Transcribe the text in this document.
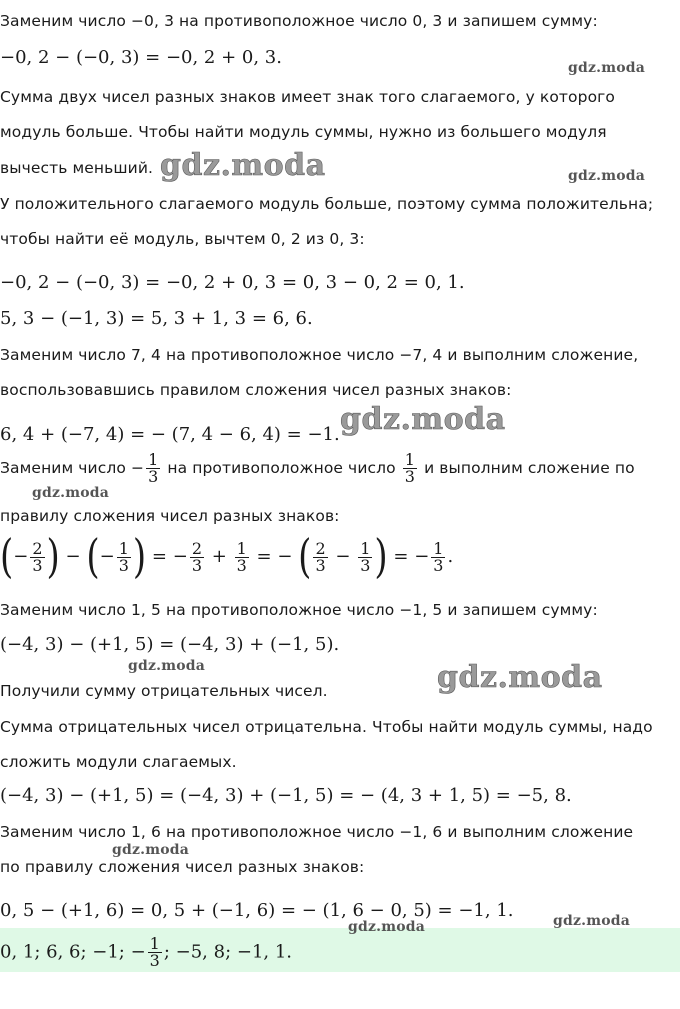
Заменим число −0, 3 на противоположное число 0, 3 и запишем сумму:
−0, 2 − (−0, 3) = −0, 2 + 0, 3.
Сумма двух чисел разных знаков имеет знак того слагаемого, у которого
модуль больше. Чтобы найти модуль суммы, нужно из большего модуля
вычесть меньший.
У положительного слагаемого модуль больше, поэтому сумма положительна;
чтобы найти её модуль, вычтем 0, 2 из 0, 3:
−0, 2 − (−0, 3) = −0, 2 + 0, 3 = 0, 3 − 0, 2 = 0, 1.
5, 3 − (−1, 3) = 5, 3 + 1, 3 = 6, 6.
Заменим число 7, 4 на противоположное число −7, 4 и выполним сложение,
воспользовавшись правилом сложения чисел разных знаков:
6, 4 + (−7, 4) = − (7, 4 − 6, 4) = −1.
Заменим число − $\frac{1}{3}$ на противоположное число $\frac{1}{3}$ и выполним сложение по
правилу сложения чисел разных знаков:
(− $\frac{2}{3}$ ) − (− $\frac{1}{3}$ ) = − $\frac{2}{3} + \frac{1}{3}$ = − ( $\frac{2}{3} - \frac{1}{3}$ ) = − $\frac{1}{3}$ .
Заменим число 1, 5 на противоположное число −1, 5 и запишем сумму:
(−4, 3) − (+1, 5) = (−4, 3) + (−1, 5).
Получили сумму отрицательных чисел.
Сумма отрицательных чисел отрицательна. Чтобы найти модуль суммы, надо
сложить модули слагаемых.
(−4, 3) − (+1, 5) = (−4, 3) + (−1, 5) = − (4, 3 + 1, 5) = −5, 8.
Заменим число 1, 6 на противоположное число −1, 6 и выполним сложение
по правилу сложения чисел разных знаков:
0, 5 − (+1, 6) = 0, 5 + (−1, 6) = − (1, 6 − 0, 5) = −1, 1.
0, 1; 6, 6; −1; − $\frac{1}{3}$ ; −5, 8; −1, 1.
gdz.moda
gdz.moda	gdz.moda
gdz.moda
gdz.moda
gdz.moda	gdz.moda
gdz.moda
gdz.moda	gdz.moda
